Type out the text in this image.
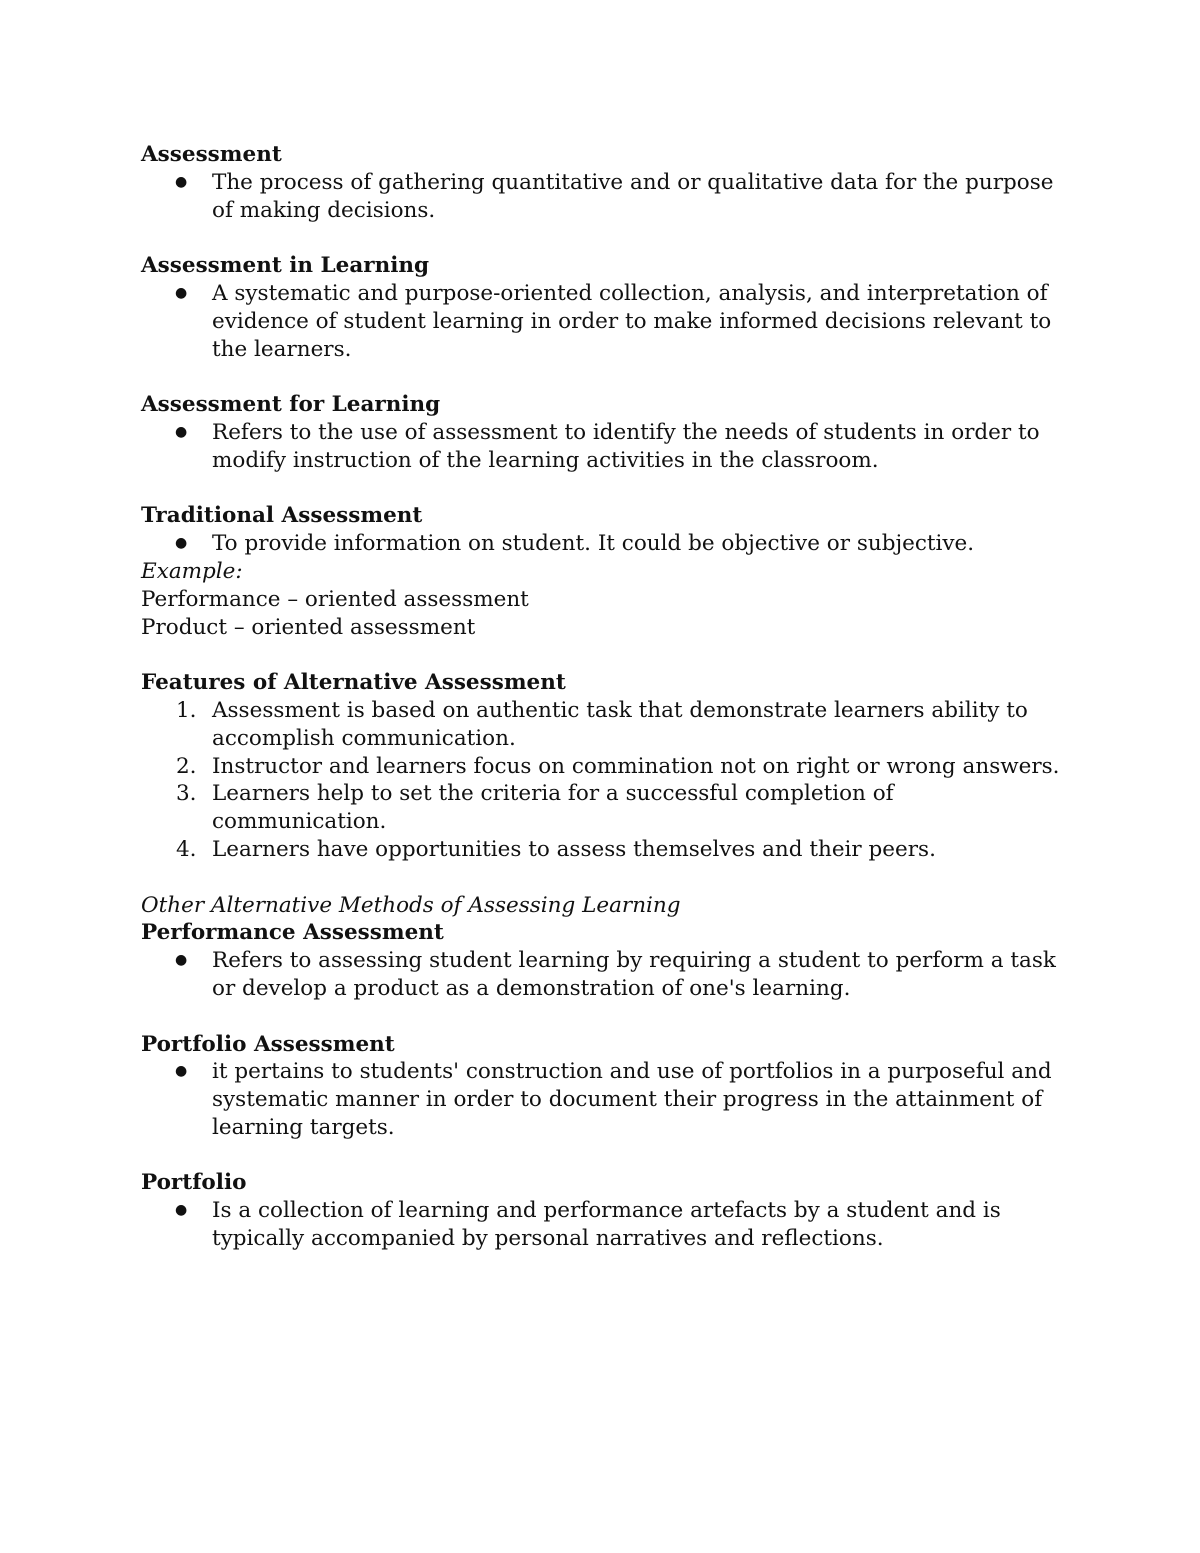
Assessment

● The process of gathering quantitative and or qualitative data for the purpose of making decisions.

Assessment in Learning

● A systematic and purpose-oriented collection, analysis, and interpretation of evidence of student learning in order to make informed decisions relevant to the learners.

Assessment for Learning

● Refers to the use of assessment to identify the needs of students in order to modify instruction of the learning activities in the classroom.

Traditional Assessment

● To provide information on student. It could be objective or subjective.

Example:

Performance – oriented assessment

Product – oriented assessment

Features of Alternative Assessment

1. Assessment is based on authentic task that demonstrate learners ability to accomplish communication.
2. Instructor and learners focus on commination not on right or wrong answers.
3. Learners help to set the criteria for a successful completion of communication.
4. Learners have opportunities to assess themselves and their peers.

Other Alternative Methods of Assessing Learning

Performance Assessment

● Refers to assessing student learning by requiring a student to perform a task or develop a product as a demonstration of one's learning.

Portfolio Assessment

● it pertains to students' construction and use of portfolios in a purposeful and systematic manner in order to document their progress in the attainment of learning targets.

Portfolio

● Is a collection of learning and performance artefacts by a student and is typically accompanied by personal narratives and reflections.
